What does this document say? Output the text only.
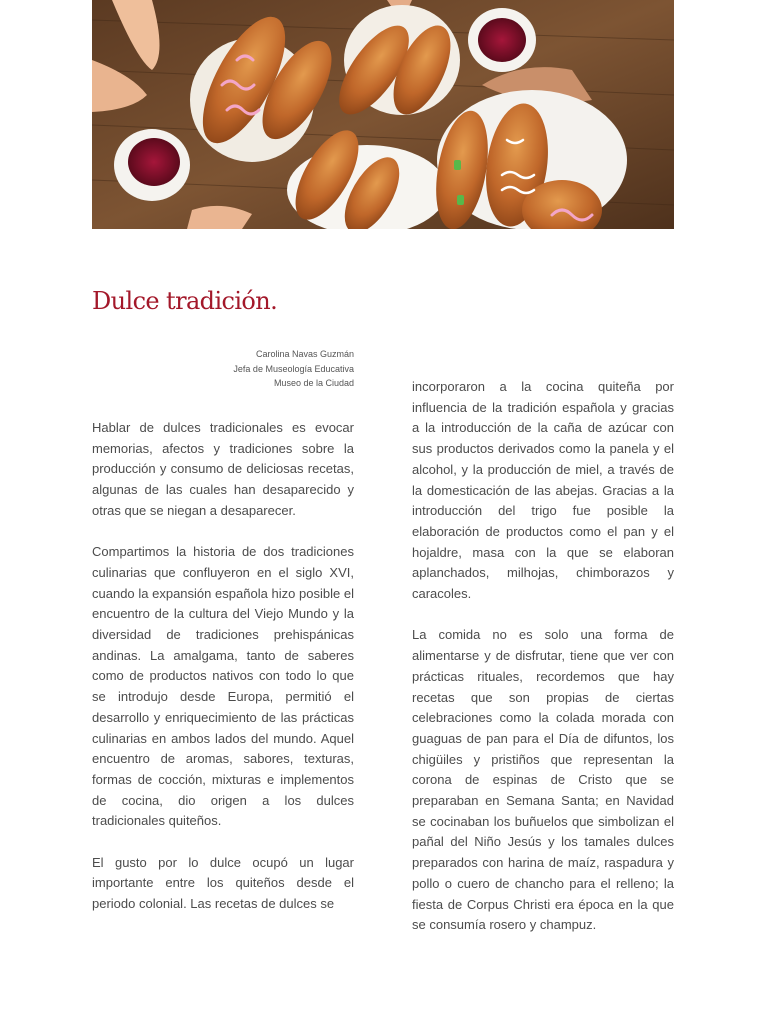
Dulce tradición.
Carolina Navas Guzmán
Jefa de Museología Educativa
Museo de la Ciudad

Hablar de dulces tradicionales es evocar memorias, afectos y tradiciones sobre la producción y consumo de deliciosas recetas, algunas de las cuales han desaparecido y otras que se niegan a desaparecer.

Compartimos la historia de dos tradiciones culinarias que confluyeron en el siglo XVI, cuando la expansión española hizo posible el encuentro de la cultura del Viejo Mundo y la diversidad de tradiciones prehispánicas andinas. La amalgama, tanto de saberes como de productos nativos con todo lo que se introdujo desde Europa, permitió el desarrollo y enriquecimiento de las prácticas culinarias en ambos lados del mundo. Aquel encuentro de aromas, sabores, texturas, formas de cocción, mixturas e implementos de cocina, dio origen a los dulces tradicionales quiteños.

El gusto por lo dulce ocupó un lugar importante entre los quiteños desde el periodo colonial. Las recetas de dulces se

incorporaron a la cocina quiteña por influencia de la tradición española y gracias a la introducción de la caña de azúcar con sus productos derivados como la panela y el alcohol, y la producción de miel, a través de la domesticación de las abejas. Gracias a la introducción del trigo fue posible la elaboración de productos como el pan y el hojaldre, masa con la que se elaboran aplanchados, milhojas, chimborazos y caracoles.

La comida no es solo una forma de alimentarse y de disfrutar, tiene que ver con prácticas rituales, recordemos que hay recetas que son propias de ciertas celebraciones como la colada morada con guaguas de pan para el Día de difuntos, los chigüiles y pristiños que representan la corona de espinas de Cristo que se preparaban en Semana Santa; en Navidad se cocinaban los buñuelos que simbolizan el pañal del Niño Jesús y los tamales dulces preparados con harina de maíz, raspadura y pollo o cuero de chancho para el relleno; la fiesta de Corpus Christi era época en la que se consumía rosero y champuz.
